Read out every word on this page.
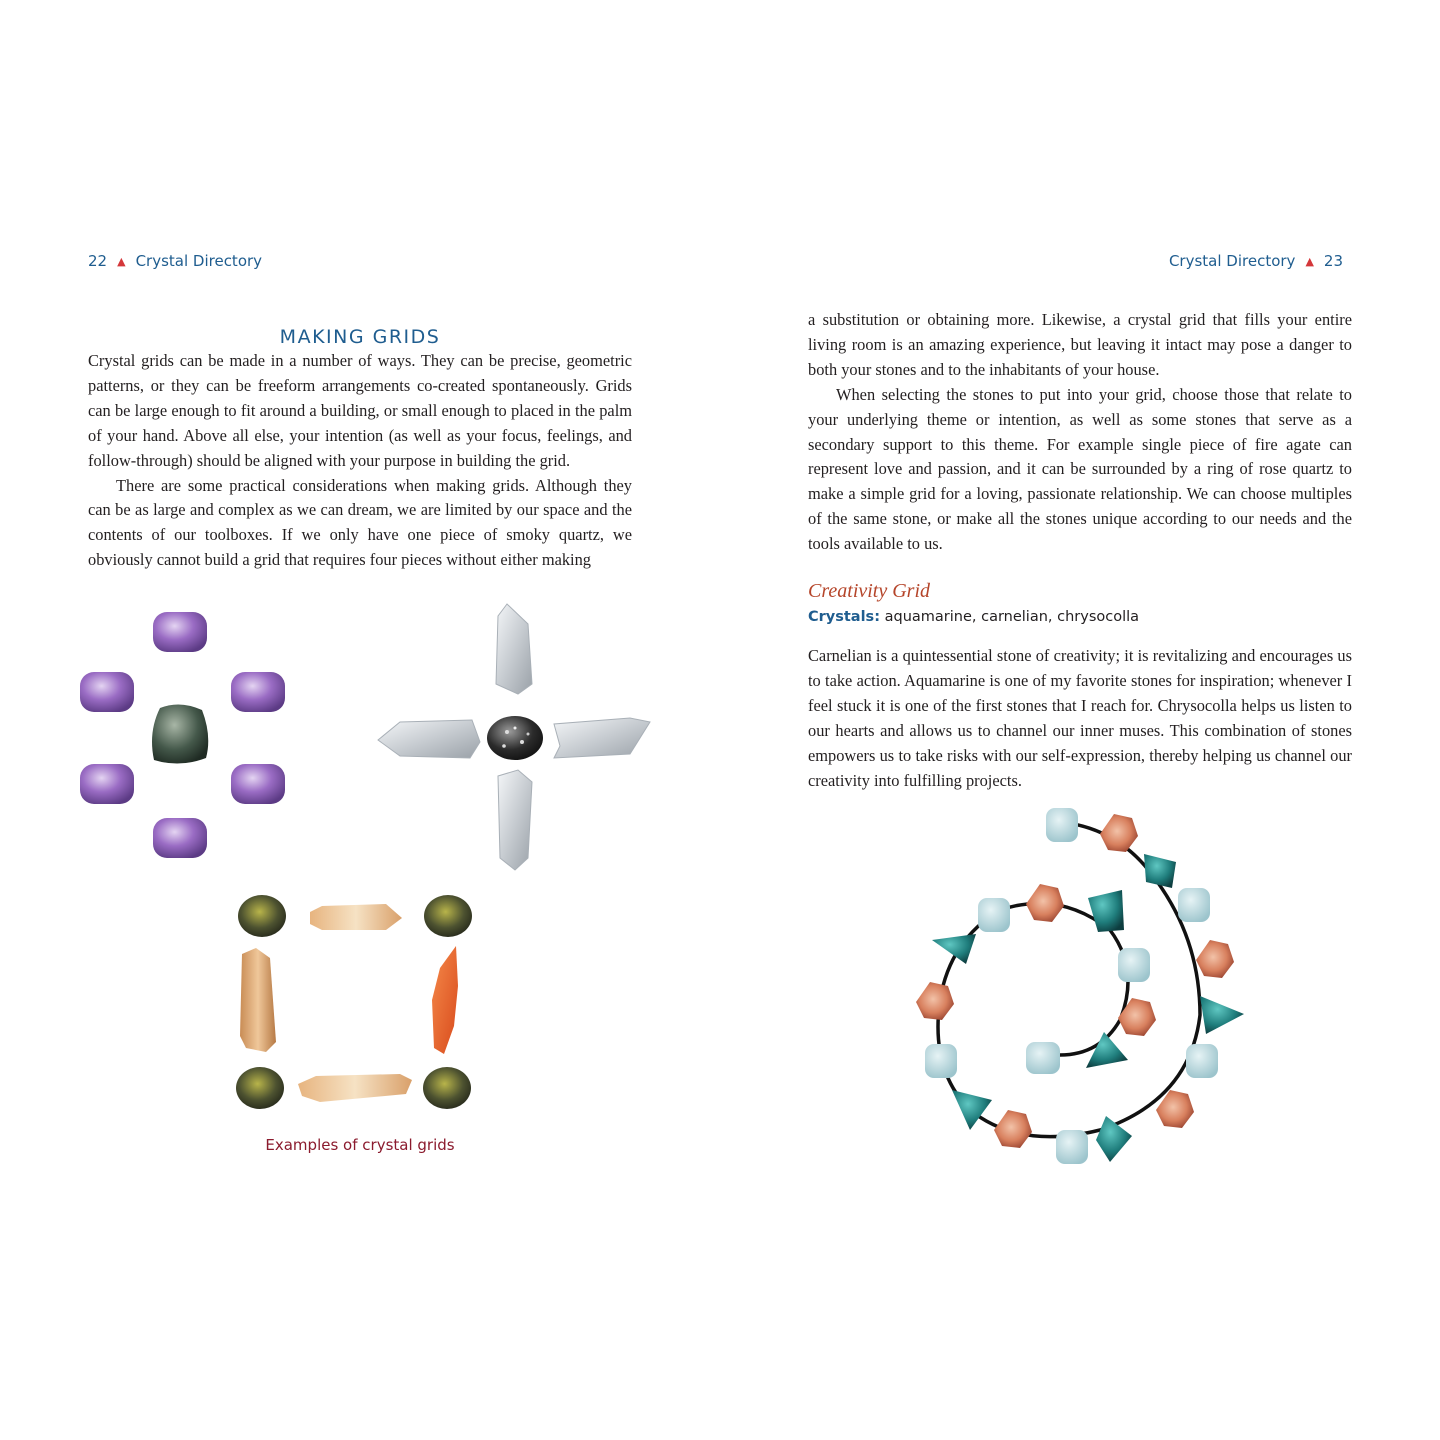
22 ▲ Crystal Directory	Crystal Directory ▲ 23
MAKING GRIDS

Crystal grids can be made in a number of ways. They can be precise, geometric patterns, or they can be freeform arrangements co-created spontaneously. Grids can be large enough to fit around a building, or small enough to placed in the palm of your hand. Above all else, your intention (as well as your focus, feelings, and follow-through) should be aligned with your purpose in building the grid.

There are some practical considerations when making grids. Although they can be as large and complex as we can dream, we are limited by our space and the contents of our toolboxes. If we only have one piece of smoky quartz, we obviously cannot build a grid that requires four pieces without either making

Examples of crystal grids

a substitution or obtaining more. Likewise, a crystal grid that fills your entire living room is an amazing experience, but leaving it intact may pose a danger to both your stones and to the inhabitants of your house.

When selecting the stones to put into your grid, choose those that relate to your underlying theme or intention, as well as some stones that serve as a secondary support to this theme. For example single piece of fire agate can represent love and passion, and it can be surrounded by a ring of rose quartz to make a simple grid for a loving, passionate relationship. We can choose multiples of the same stone, or make all the stones unique according to our needs and the tools available to us.

Creativity Grid
Crystals: aquamarine, carnelian, chrysocolla

Carnelian is a quintessential stone of creativity; it is revitalizing and encourages us to take action. Aquamarine is one of my favorite stones for inspiration; whenever I feel stuck it is one of the first stones that I reach for. Chrysocolla helps us listen to our hearts and allows us to channel our inner muses. This combination of stones empowers us to take risks with our self-expression, thereby helping us channel our creativity into fulfilling projects.
